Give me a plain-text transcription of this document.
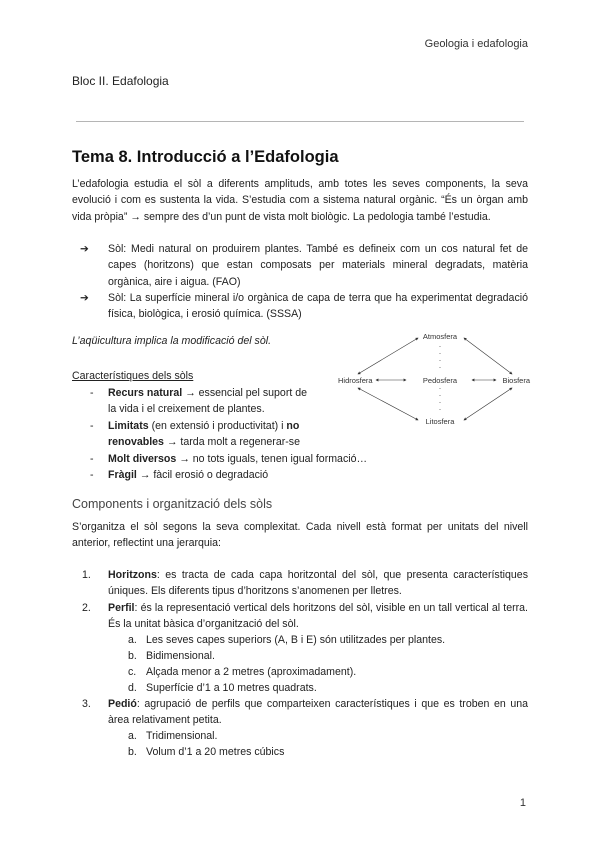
Geologia i edafologia
Bloc II. Edafologia
Tema 8. Introducció a l’Edafologia
L’edafologia estudia el sòl a diferents amplituds, amb totes les seves components, la seva evolució i com es sustenta la vida. S’estudia com a sistema natural orgànic. “És un òrgan amb vida pròpia” → sempre des d’un punt de vista molt biològic. La pedologia també l’estudia.
➔	Sòl: Medi natural on produirem plantes. També es defineix com un cos natural fet de capes (horitzons) que estan composats per materials mineral degradats, matèria orgànica, aire i aigua. (FAO)
➔	Sòl: La superfície mineral i/o orgànica de capa de terra que ha experimentat degradació física, biològica, i erosió química. (SSSA)
L’aqüicultura implica la modificació del sòl.
Característiques dels sòls
- Recurs natural → essencial pel suport de
la vida i el creixement de plantes.
- Limitats (en extensió i productivitat) i no
renovables → tarda molt a regenerar-se
- Molt diversos → no tots iguals, tenen igual formació…
- Fràgil → fàcil erosió o degradació
Atmosfera
Hidrosfera	Pedosfera	Biosfera
Litosfera
Components i organització dels sòls
S’organitza el sòl segons la seva complexitat. Cada nivell està format per unitats del nivell anterior, reflectint una jerarquia:
1. Horitzons: es tracta de cada capa horitzontal del sòl, que presenta característiques úniques. Els diferents tipus d’horitzons s’anomenen per lletres.
2. Perfil: és la representació vertical dels horitzons del sòl, visible en un tall vertical al terra. És la unitat bàsica d’organització del sòl.
a. Les seves capes superiors (A, B i E) són utilitzades per plantes.
b. Bidimensional.
c. Alçada menor a 2 metres (aproximadament).
d. Superfície d’1 a 10 metres quadrats.
3. Pedió: agrupació de perfils que comparteixen característiques i que es troben en una àrea relativament petita.
a. Tridimensional.
b. Volum d’1 a 20 metres cúbics
1
